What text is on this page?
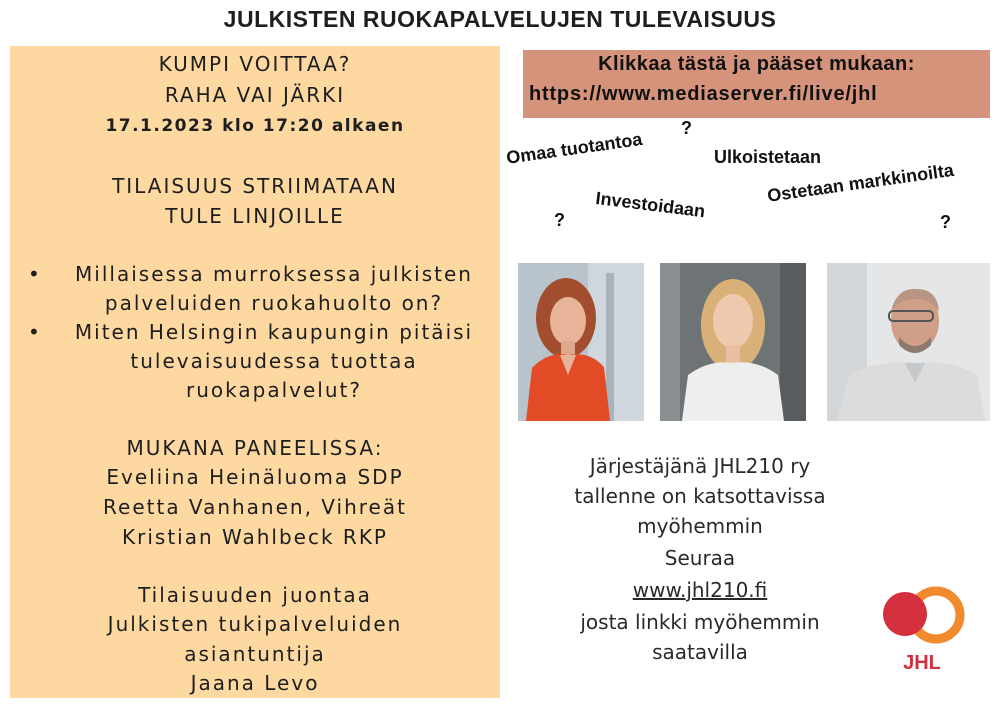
JULKISTEN RUOKAPALVELUJEN TULEVAISUUS
KUMPI VOITTAA?
RAHA VAI JÄRKI
17.1.2023 klo 17:20 alkaen
TILAISUUS STRIIMATAAN
TULE LINJOILLE
• Millaisessa murroksessa julkisten palveluiden ruokahuolto on?
• Miten Helsingin kaupungin pitäisi tulevaisuudessa tuottaa ruokapalvelut?
MUKANA PANEELISSA:
Eveliina Heinäluoma SDP
Reetta Vanhanen, Vihreät
Kristian Wahlbeck RKP
Tilaisuuden juontaa
Julkisten tukipalveluiden
asiantuntija
Jaana Levo
Klikkaa tästä ja pääset mukaan:
https://www.mediaserver.fi/live/jhl
?
Omaa tuotantoa	Ulkoistetaan
Investoidaan	Ostetaan markkinoilta
?	?
Järjestäjänä JHL210 ry
tallenne on katsottavissa
myöhemmin
Seuraa
www.jhl210.fi
josta linkki myöhemmin
saatavilla	JHL
